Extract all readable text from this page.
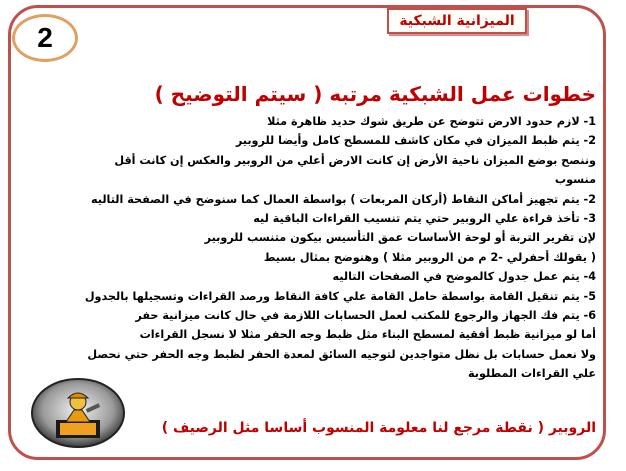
2
الميزانية الشبكية
خطوات عمل الشبكية مرتبه ( سيتم التوضيح )
1- لازم حدود الارض تتوضح عن طريق شوك حديد ظاهرة مثلا
2- يتم ظبط الميزان في مكان كاشف للمسطح كامل وأيضا للروبير
وننصح بوضع الميزان ناحية الأرض إن كانت الارض أعلي من الروبير والعكس إن كانت أقل
منسوب
2- يتم تجهيز أماكن النقاط (أركان المربعات ) بواسطة العمال كما سنوضح في الصفحة التاليه
3- تأخذ قراءة علي الروبير حتي يتم تنسيب القراءات الباقية ليه
لإن تقرير التربة أو لوحة الأساسات عمق التأسيس بيكون متنسب للروبير
( يقولك أحفرلي -2 م من الروبير مثلا ) وهنوضح بمثال بسيط
4- يتم عمل جدول كالموضح في الصفحات التاليه
5- يتم تنقيل القامة بواسطة حامل القامة علي كافة النقاط ورصد القراءات وتسجيلها بالجدول
6- يتم فك الجهاز والرجوع للمكتب لعمل الحسابات اللازمة في حال كانت ميزانية حفر
أما لو ميزانية ظبط أفقية لمسطح البناء مثل ظبط وجه الحفر مثلا لا نسجل القراءات
ولا نعمل حسابات بل نظل متواجدين لتوجيه السائق لمعدة الحفر لظبط وجه الحفر حتي نحصل
علي القراءات المطلوبة
الروبير ( نقطة مرجع لنا معلومة المنسوب أساسا مثل الرصيف )
